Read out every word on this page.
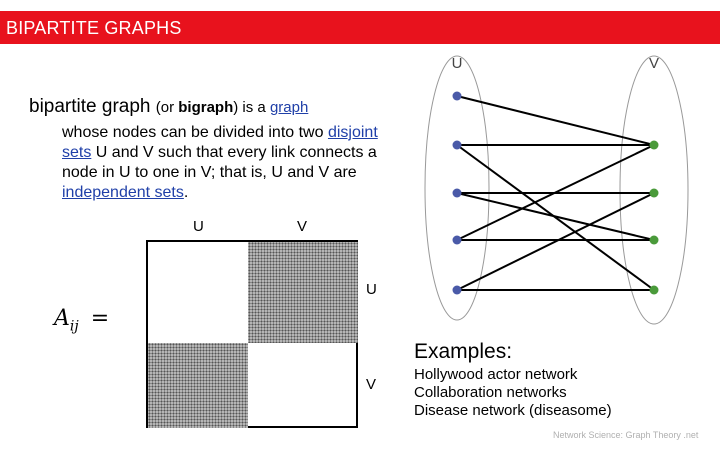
BIPARTITE GRAPHS
bipartite graph (or bigraph) is a graph
whose nodes can be divided into two disjoint sets U and V such that every link connects a node in U to one in V; that is, U and V are independent sets.
U	V
U
V
$A_{ij}$ =
U	V
Examples:
Hollywood actor network
Collaboration networks
Disease network (diseasome)
Network Science: Graph Theory .net
